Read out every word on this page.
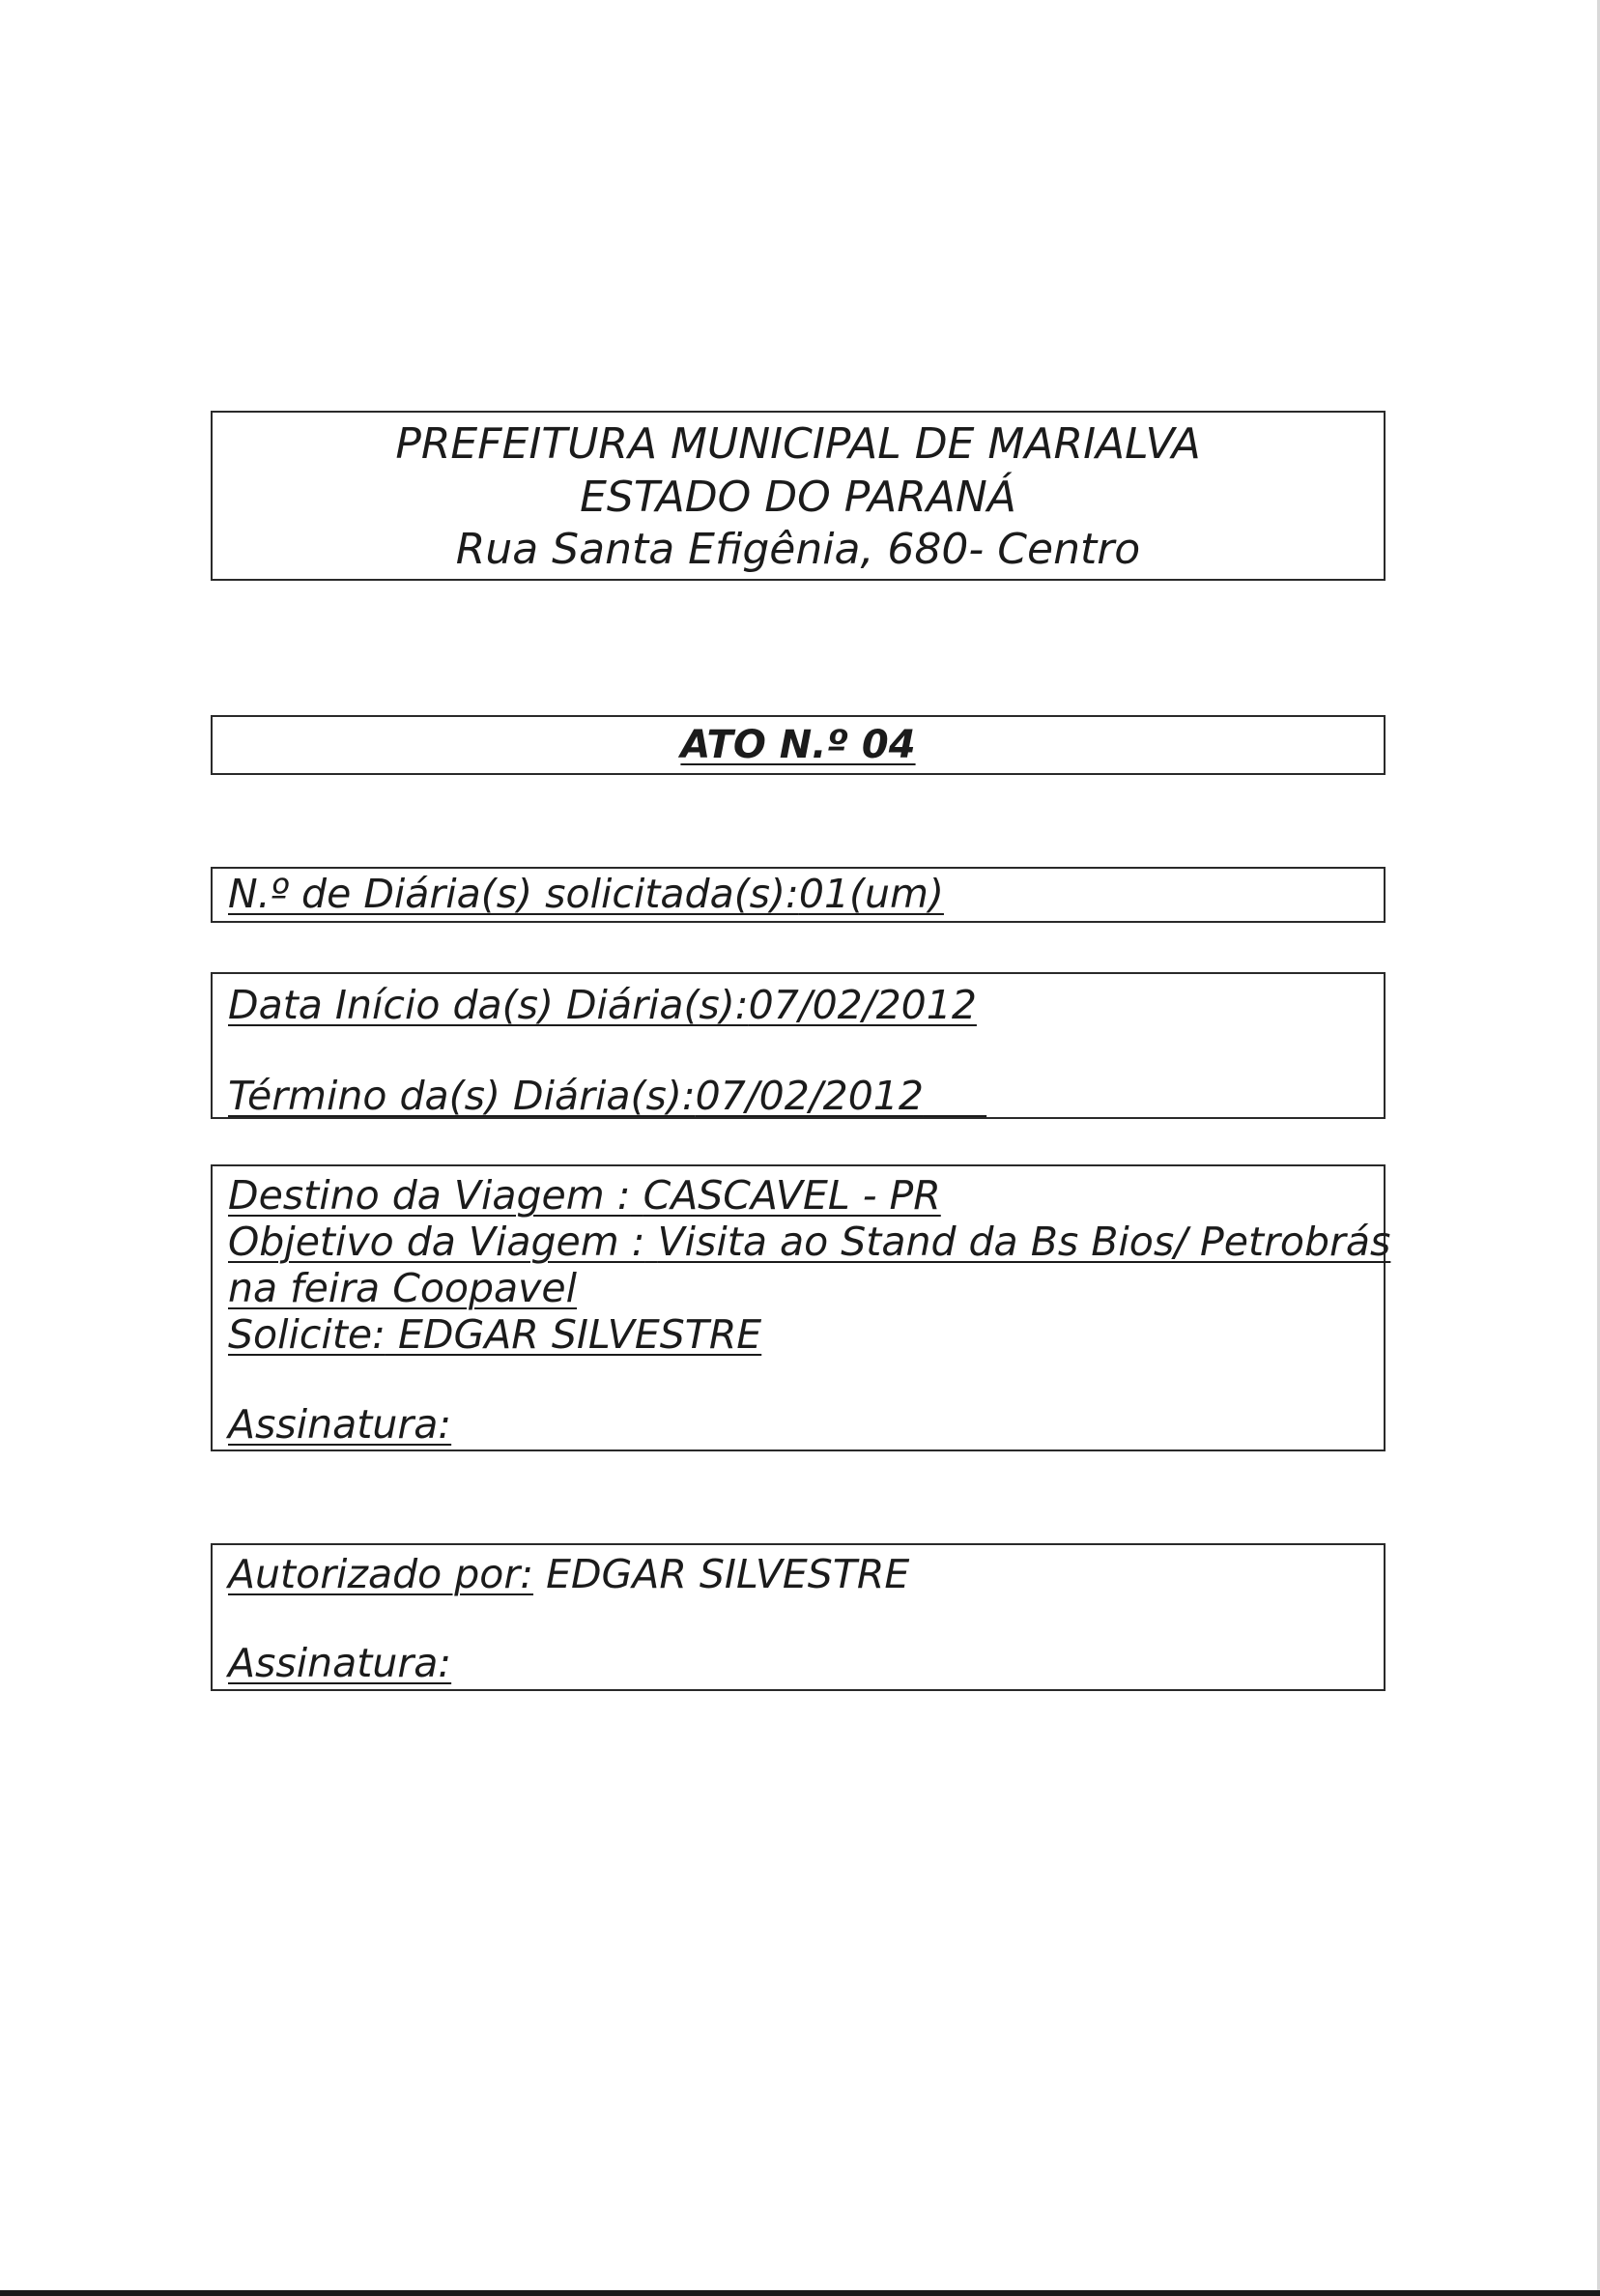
PREFEITURA MUNICIPAL DE MARIALVA
ESTADO DO PARANÁ
Rua Santa Efigênia, 680- Centro
ATO N.º 04
N.º de Diária(s) solicitada(s):01(um)
Data Início da(s) Diária(s):07/02/2012
Término da(s) Diária(s):07/02/2012
Destino da Viagem : CASCAVEL - PR
Objetivo da Viagem : Visita ao Stand da Bs Bios/ Petrobrás
na feira Coopavel
Solicite: EDGAR SILVESTRE
Assinatura:
Autorizado por: EDGAR SILVESTRE
Assinatura:
